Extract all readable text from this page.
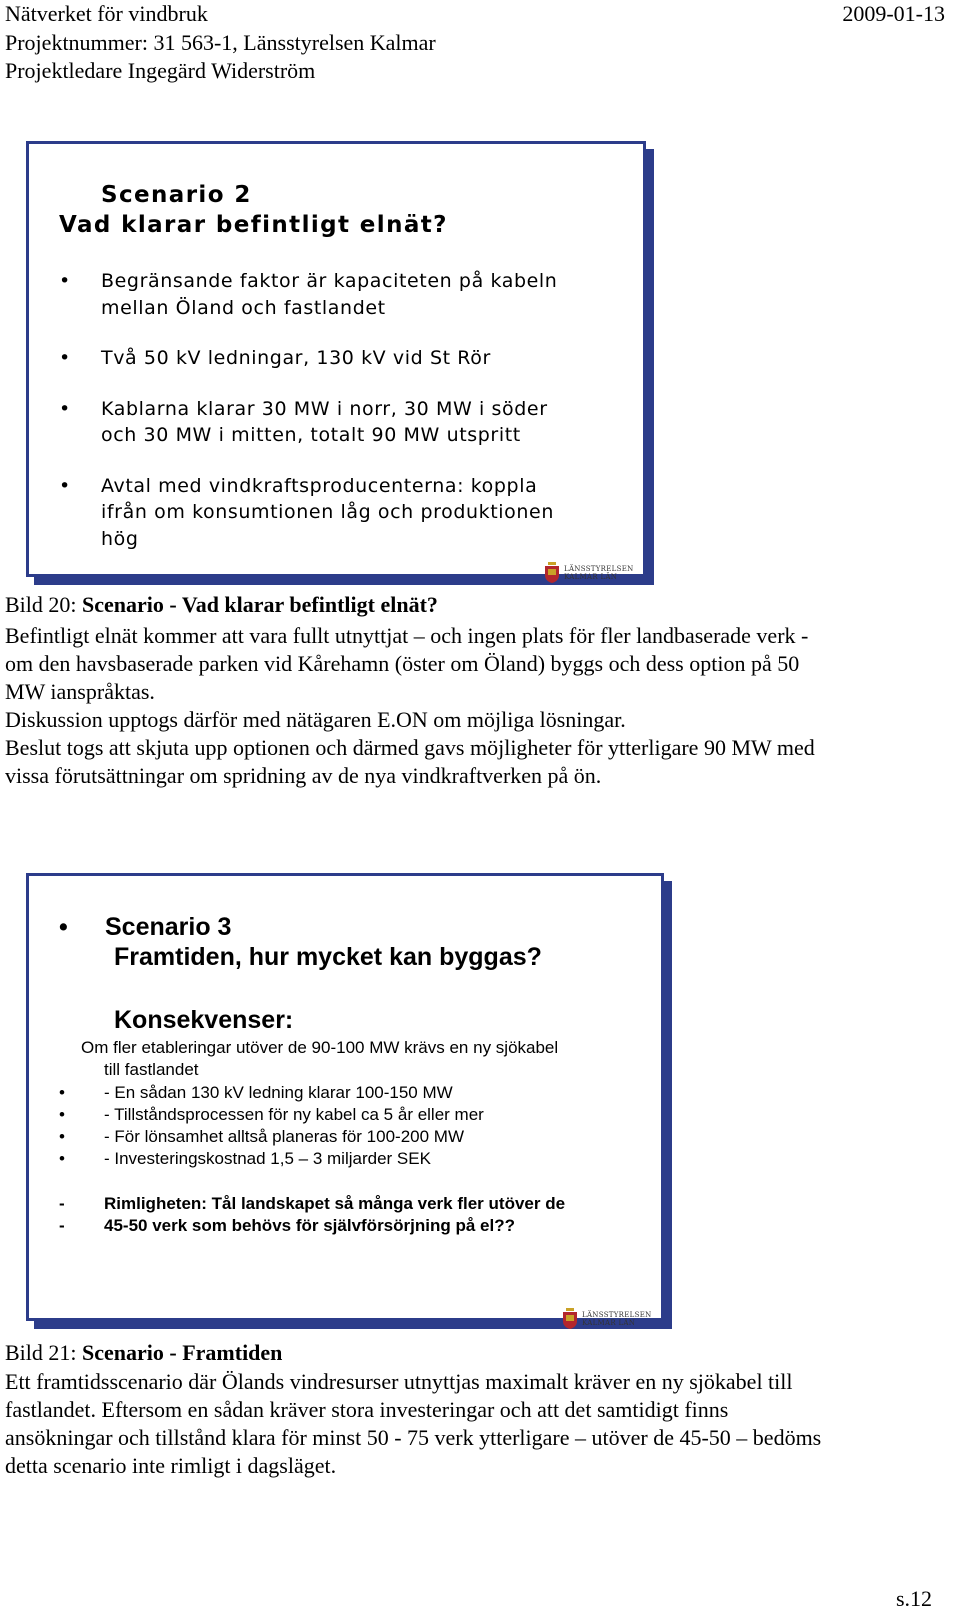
Nätverket för vindbruk	2009-01-13
Projektnummer: 31 563-1, Länsstyrelsen Kalmar
Projektledare Ingegärd Widerström
Scenario 2
Vad klarar befintligt elnät?
• Begränsande faktor är kapaciteten på kabeln
mellan Öland och fastlandet
• Två 50 kV ledningar, 130 kV vid St Rör
• Kablarna klarar 30 MW i norr, 30 MW i söder
och 30 MW i mitten, totalt 90 MW utspritt
• Avtal med vindkraftsproducenterna: koppla
ifrån om konsumtionen låg och produktionen
hög
LÄNSSTYRELSEN
KALMAR LÄN
Bild 20: Scenario - Vad klarar befintligt elnät?
Befintligt elnät kommer att vara fullt utnyttjat – och ingen plats för fler landbaserade verk -
om den havsbaserade parken vid Kårehamn (öster om Öland) byggs och dess option på 50
MW ianspråktas.
Diskussion upptogs därför med nätägaren E.ON om möjliga lösningar.
Beslut togs att skjuta upp optionen och därmed gavs möjligheter för ytterligare 90 MW med
vissa förutsättningar om spridning av de nya vindkraftverken på ön.
•	Scenario 3
Framtiden, hur mycket kan byggas?
Konsekvenser:
Om fler etableringar utöver de 90-100 MW krävs en ny sjökabel
till fastlandet
• - En sådan 130 kV ledning klarar 100-150 MW
• - Tillståndsprocessen för ny kabel ca 5 år eller mer
• - För lönsamhet alltså planeras för 100-200 MW
• - Investeringskostnad 1,5 – 3 miljarder SEK
- Rimligheten: Tål landskapet så många verk fler utöver de
- 45-50 verk som behövs för självförsörjning på el??
LÄNSSTYRELSEN
KALMAR LÄN
Bild 21: Scenario - Framtiden
Ett framtidsscenario där Ölands vindresurser utnyttjas maximalt kräver en ny sjökabel till
fastlandet. Eftersom en sådan kräver stora investeringar och att det samtidigt finns
ansökningar och tillstånd klara för minst 50 - 75 verk ytterligare – utöver de 45-50 – bedöms
detta scenario inte rimligt i dagsläget.
s.12
